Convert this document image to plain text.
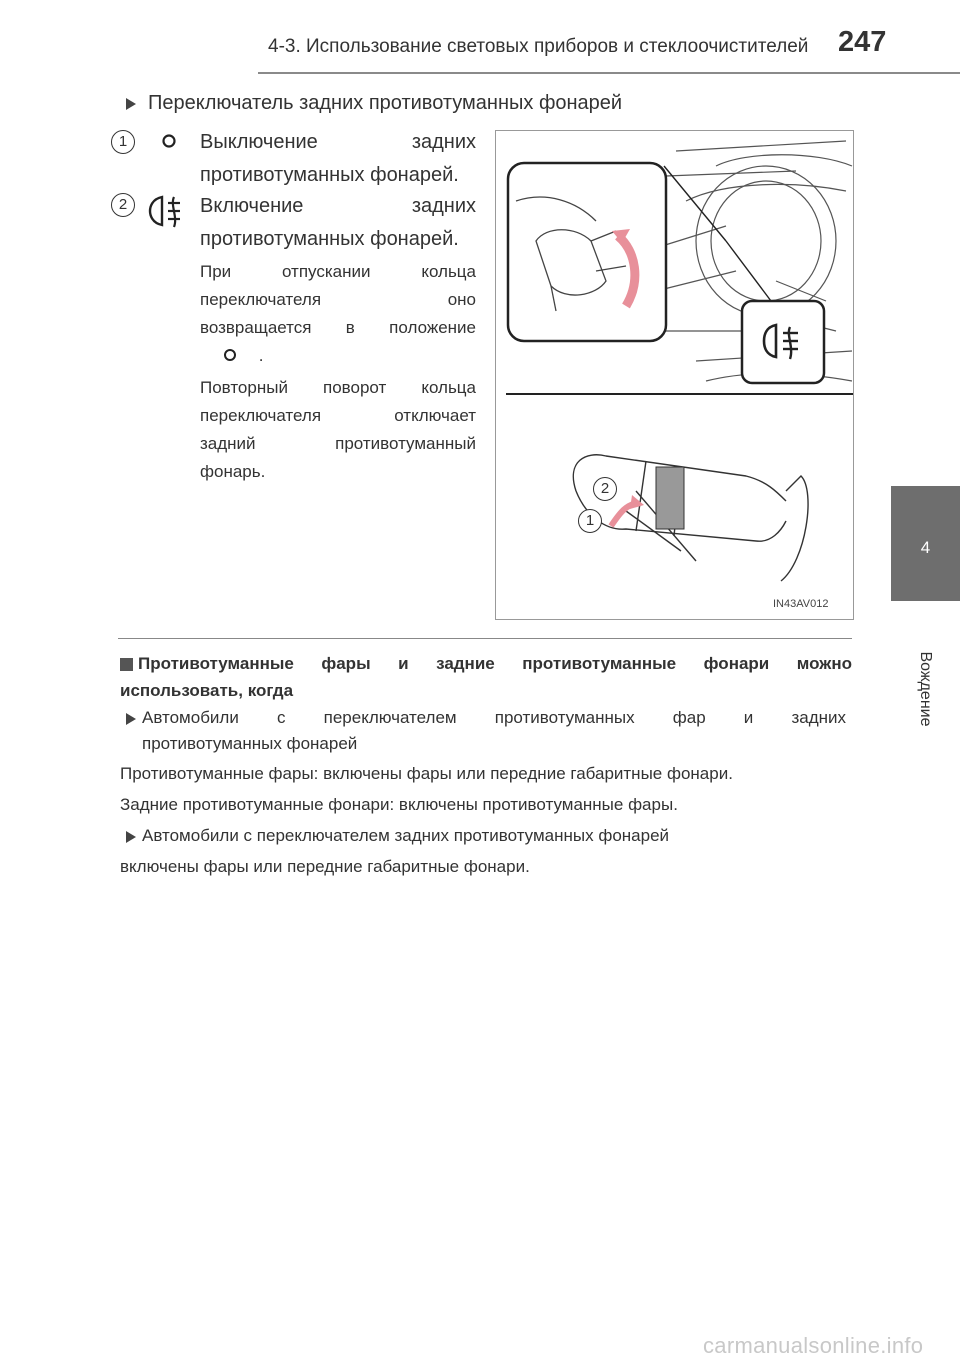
4-3. Использование световых приборов и стеклоочистителей 247
4
Вождение
Переключатель задних противотуманных фонарей
1	Выключение задних
противотуманных фонарей.
2	Включение задних
противотуманных фонарей.
При отпускании кольца
переключателя оно
возвращается в положение
.
Повторный поворот кольца
переключателя отключает
задний противотуманный
фонарь.
2
1
IN43AV012
Противотуманные фары и задние противотуманные фонари можно
использовать, когда
Автомобили с переключателем противотуманных фар и задних
противотуманных фонарей
Противотуманные фары: включены фары или передние габаритные фонари.
Задние противотуманные фонари: включены противотуманные фары.
Автомобили с переключателем задних противотуманных фонарей
включены фары или передние габаритные фонари.
carmanualsonline.info
